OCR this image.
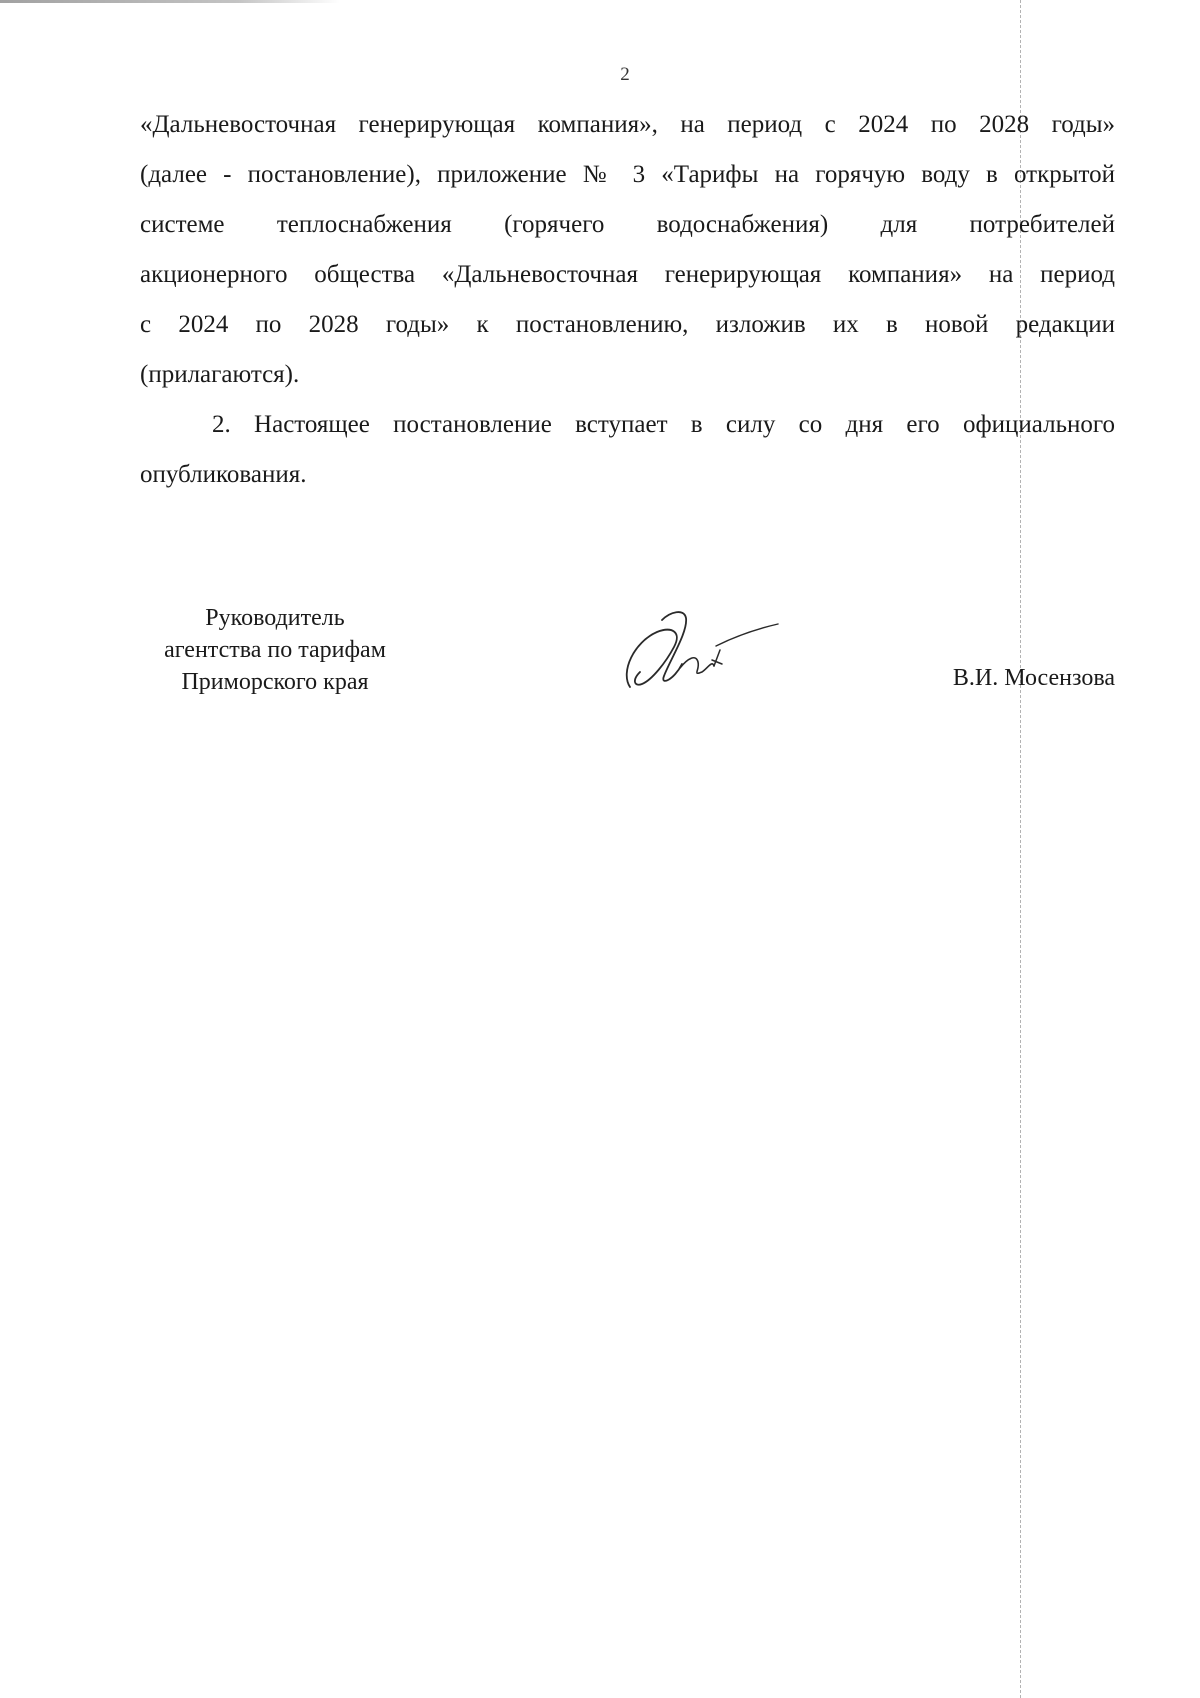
2

«Дальневосточная генерирующая компания», на период с 2024 по 2028 годы»
(далее - постановление), приложение № 3 «Тарифы на горячую воду в открытой
системе теплоснабжения (горячего водоснабжения) для потребителей
акционерного общества «Дальневосточная генерирующая компания» на период
с 2024 по 2028 годы» к постановлению, изложив их в новой редакции
(прилагаются).

2. Настоящее постановление вступает в силу со дня его официального
опубликования.

Руководитель
агентства по тарифам
Приморского края	В.И. Мосензова
